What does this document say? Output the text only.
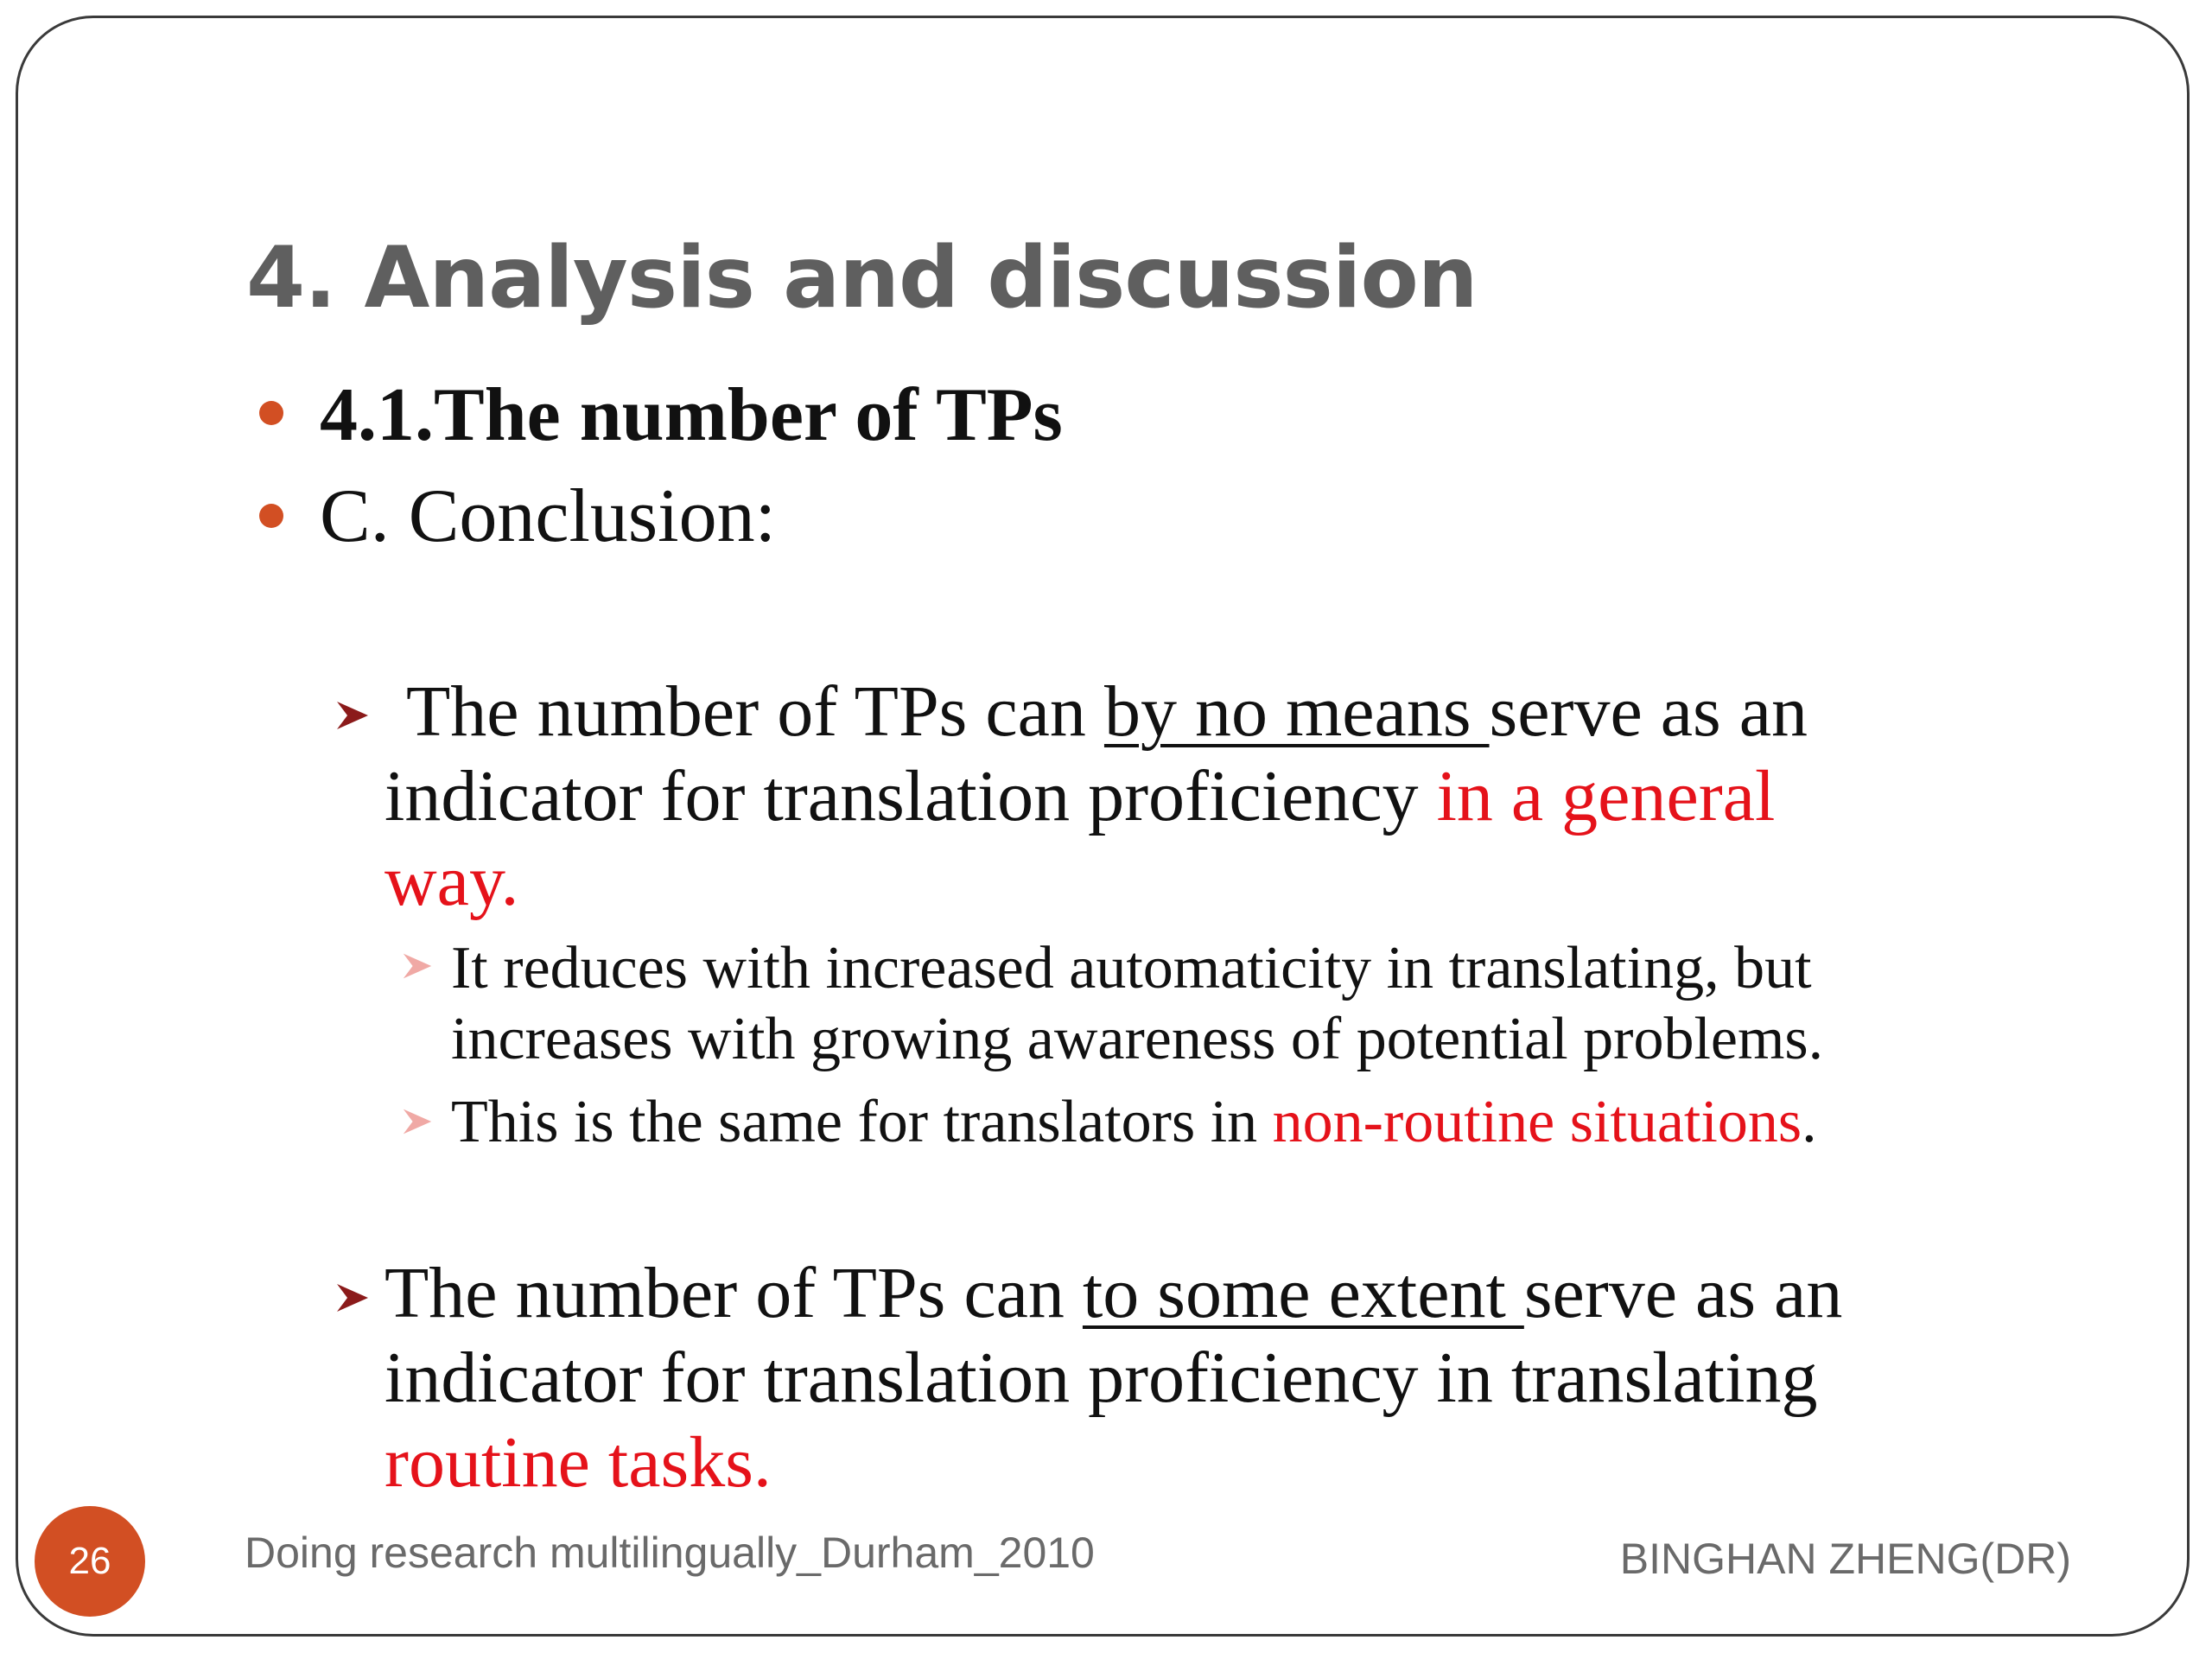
4. Analysis and discussion
4.1.The number of TPs
C. Conclusion:
The number of TPs can by no means serve as an
indicator for translation proficiency in a general
way.
It reduces with increased automaticity in translating, but
increases with growing awareness of potential problems.
This is the same for translators in non-routine situations.
The number of TPs can to some extent serve as an
indicator for translation proficiency in translating
routine tasks.
26	Doing research multilingually_Durham_2010	BINGHAN ZHENG(DR)
